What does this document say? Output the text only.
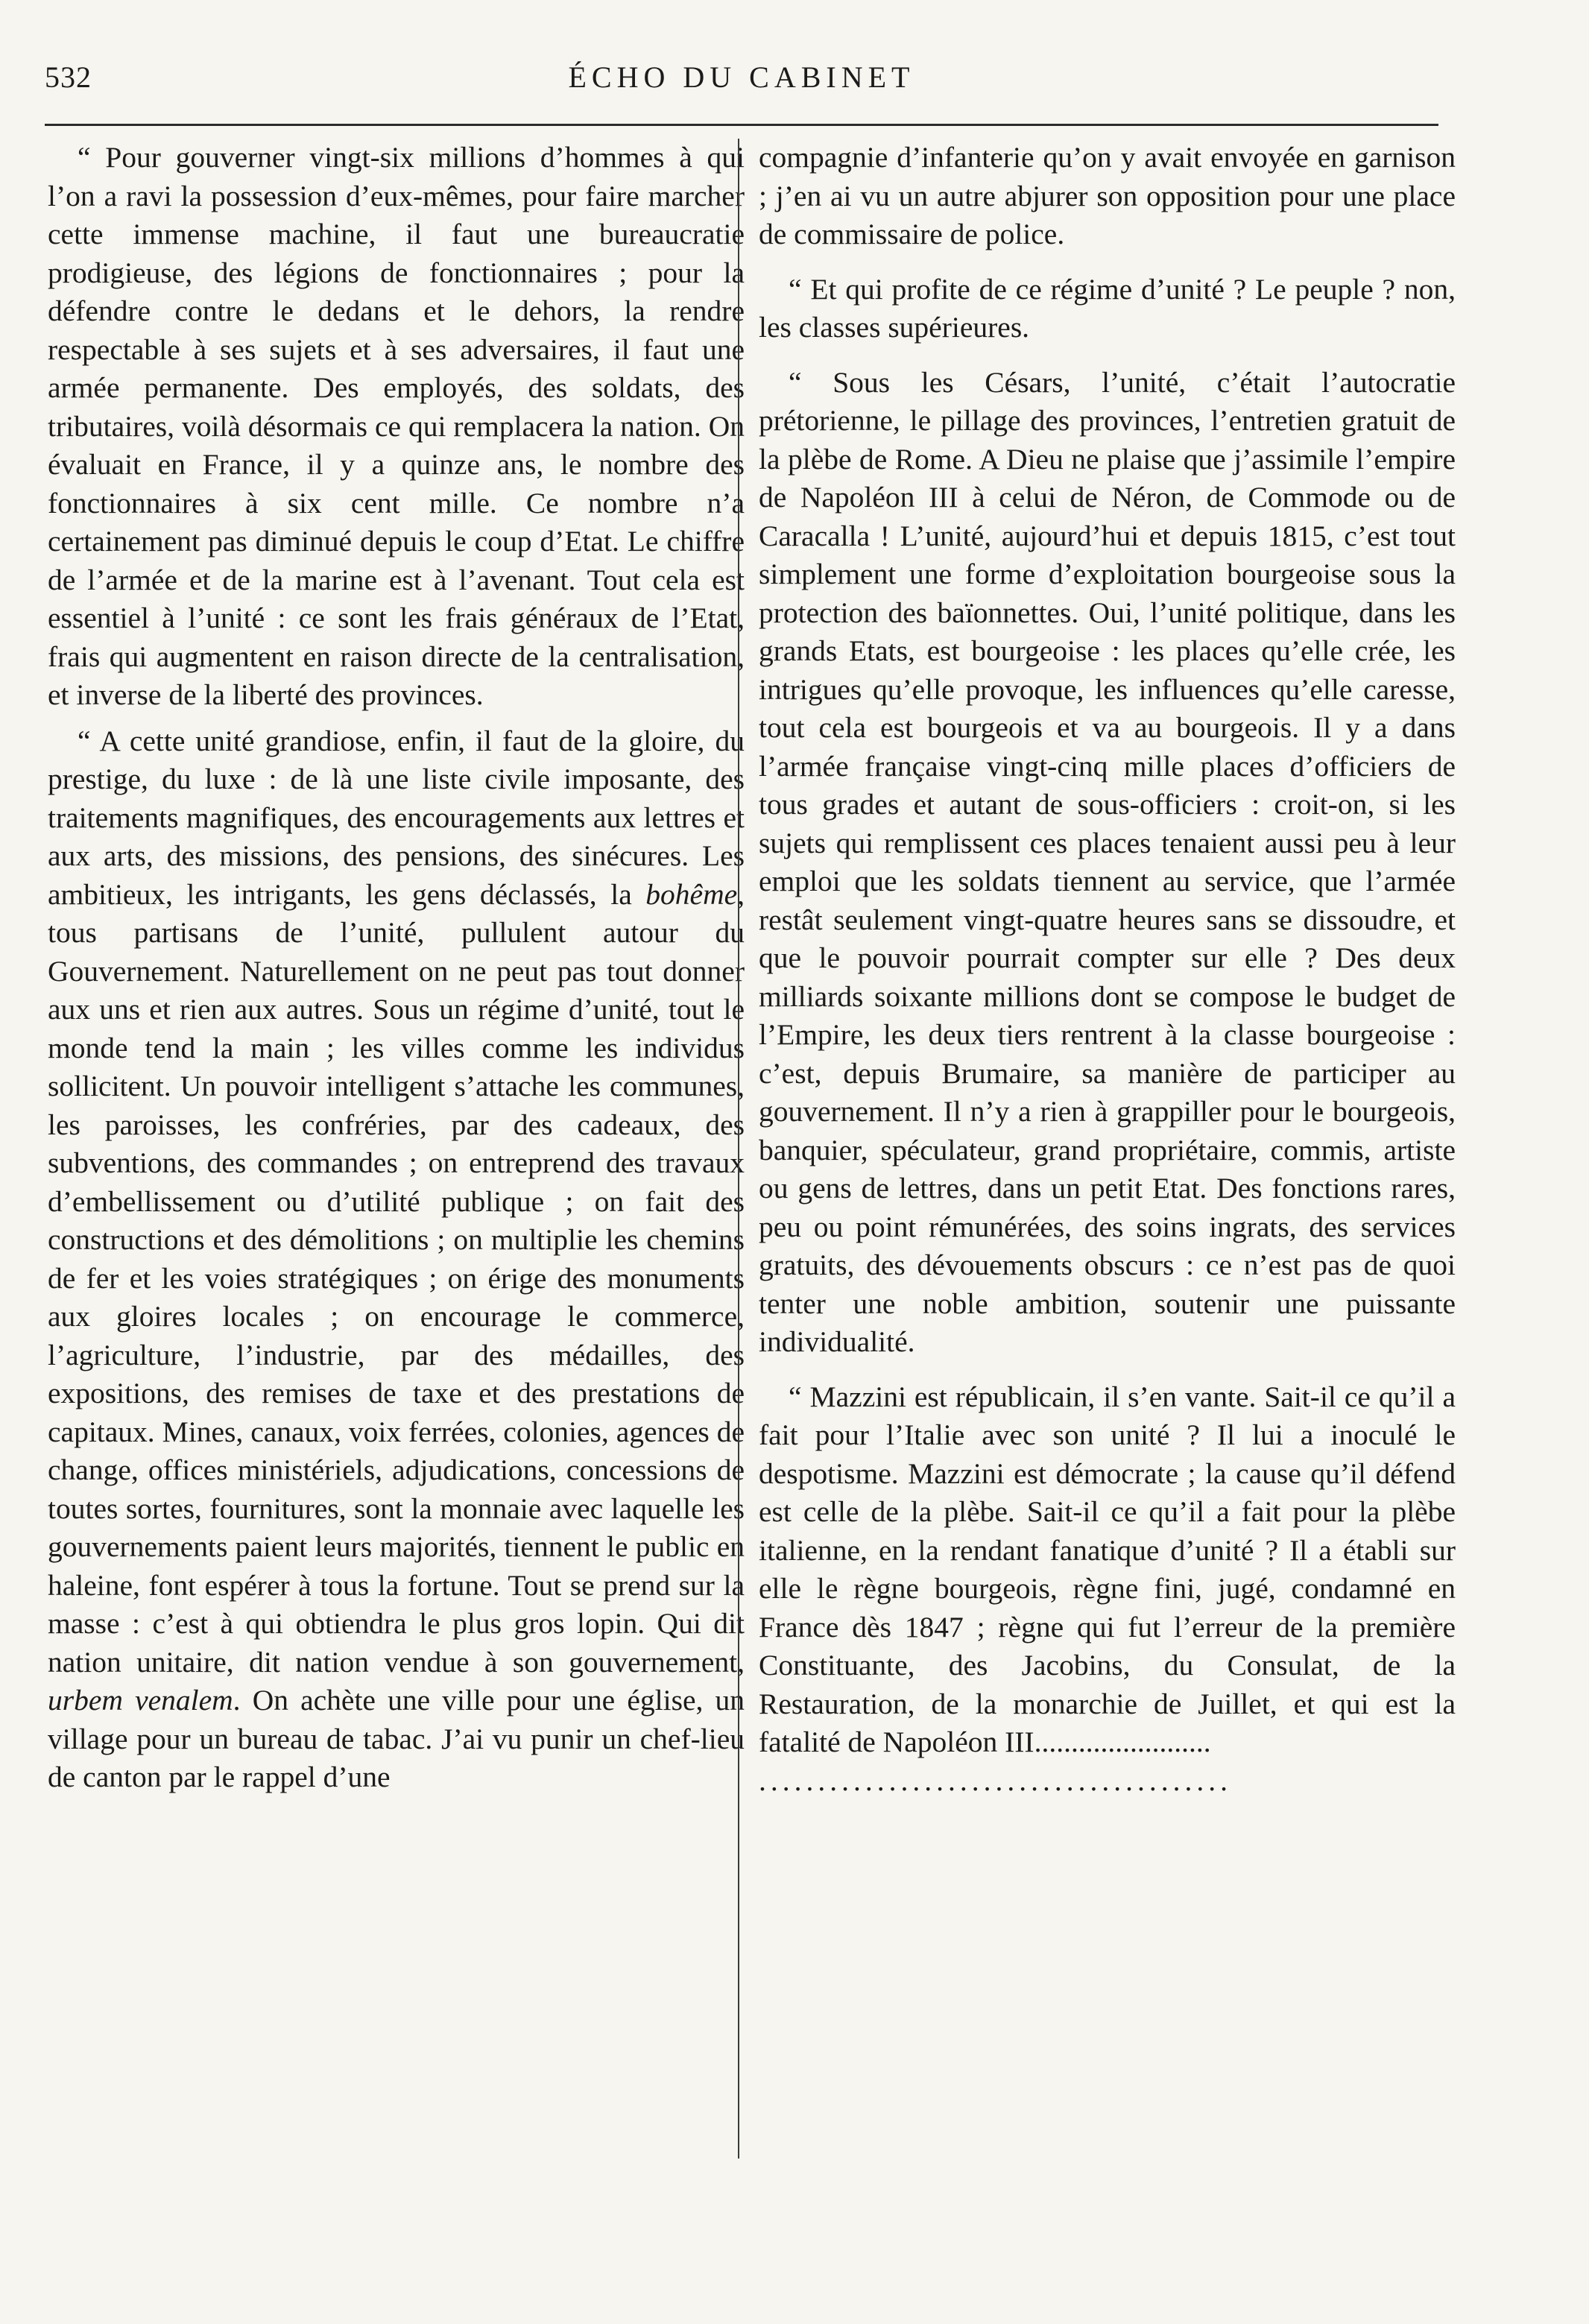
532	ÉCHO DU CABINET

“ Pour gouverner vingt-six millions d’hommes à qui l’on a ravi la possession d’eux-mêmes, pour faire marcher cette immense machine, il faut une bureaucratie prodigieuse, des légions de fonctionnaires ; pour la défendre contre le dedans et le dehors, la rendre respectable à ses sujets et à ses adversaires, il faut une armée permanente. Des employés, des soldats, des tributaires, voilà désormais ce qui remplacera la nation. On évaluait en France, il y a quinze ans, le nombre des fonctionnaires à six cent mille. Ce nombre n’a certainement pas diminué depuis le coup d’Etat. Le chiffre de l’armée et de la marine est à l’avenant. Tout cela est essentiel à l’unité : ce sont les frais généraux de l’Etat, frais qui augmentent en raison directe de la centralisation, et inverse de la liberté des provinces.

“ A cette unité grandiose, enfin, il faut de la gloire, du prestige, du luxe : de là une liste civile imposante, des traitements magnifiques, des encouragements aux lettres et aux arts, des missions, des pensions, des sinécures. Les ambitieux, les intrigants, les gens déclassés, la bohême, tous partisans de l’unité, pullulent autour du Gouvernement. Naturellement on ne peut pas tout donner aux uns et rien aux autres. Sous un régime d’unité, tout le monde tend la main ; les villes comme les individus sollicitent. Un pouvoir intelligent s’attache les communes, les paroisses, les confréries, par des cadeaux, des subventions, des commandes ; on entreprend des travaux d’embellissement ou d’utilité publique ; on fait des constructions et des démolitions ; on multiplie les chemins de fer et les voies stratégiques ; on érige des monuments aux gloires locales ; on encourage le commerce, l’agriculture, l’industrie, par des médailles, des expositions, des remises de taxe et des prestations de capitaux. Mines, canaux, voix ferrées, colonies, agences de change, offices ministériels, adjudications, concessions de toutes sortes, fournitures, sont la monnaie avec laquelle les gouvernements paient leurs majorités, tiennent le public en haleine, font espérer à tous la fortune. Tout se prend sur la masse : c’est à qui obtiendra le plus gros lopin. Qui dit nation unitaire, dit nation vendue à son gouvernement, urbem venalem. On achète une ville pour une église, un village pour un bureau de tabac. J’ai vu punir un chef-lieu de canton par le rappel d’une

compagnie d’infanterie qu’on y avait envoyée en garnison ; j’en ai vu un autre abjurer son opposition pour une place de commissaire de police.

“ Et qui profite de ce régime d’unité ? Le peuple ? non, les classes supérieures.

“ Sous les Césars, l’unité, c’était l’autocratie prétorienne, le pillage des provinces, l’entretien gratuit de la plèbe de Rome. A Dieu ne plaise que j’assimile l’empire de Napoléon III à celui de Néron, de Commode ou de Caracalla ! L’unité, aujourd’hui et depuis 1815, c’est tout simplement une forme d’exploitation bourgeoise sous la protection des baïonnettes. Oui, l’unité politique, dans les grands Etats, est bourgeoise : les places qu’elle crée, les intrigues qu’elle provoque, les influences qu’elle caresse, tout cela est bourgeois et va au bourgeois. Il y a dans l’armée française vingt-cinq mille places d’officiers de tous grades et autant de sous-officiers : croit-on, si les sujets qui remplissent ces places tenaient aussi peu à leur emploi que les soldats tiennent au service, que l’armée restât seulement vingt-quatre heures sans se dissoudre, et que le pouvoir pourrait compter sur elle ? Des deux milliards soixante millions dont se compose le budget de l’Empire, les deux tiers rentrent à la classe bourgeoise : c’est, depuis Brumaire, sa manière de participer au gouvernement. Il n’y a rien à grappiller pour le bourgeois, banquier, spéculateur, grand propriétaire, commis, artiste ou gens de lettres, dans un petit Etat. Des fonctions rares, peu ou point rémunérées, des soins ingrats, des services gratuits, des dévouements obscurs : ce n’est pas de quoi tenter une noble ambition, soutenir une puissante individualité.

“ Mazzini est républicain, il s’en vante. Sait-il ce qu’il a fait pour l’Italie avec son unité ? Il lui a inoculé le despotisme. Mazzini est démocrate ; la cause qu’il défend est celle de la plèbe. Sait-il ce qu’il a fait pour la plèbe italienne, en la rendant fanatique d’unité ? Il a établi sur elle le règne bourgeois, règne fini, jugé, condamné en France dès 1847 ; règne qui fut l’erreur de la première Constituante, des Jacobins, du Consulat, de la Restauration, de la monarchie de Juillet, et qui est la fatalité de Napoléon III........................

........................................
